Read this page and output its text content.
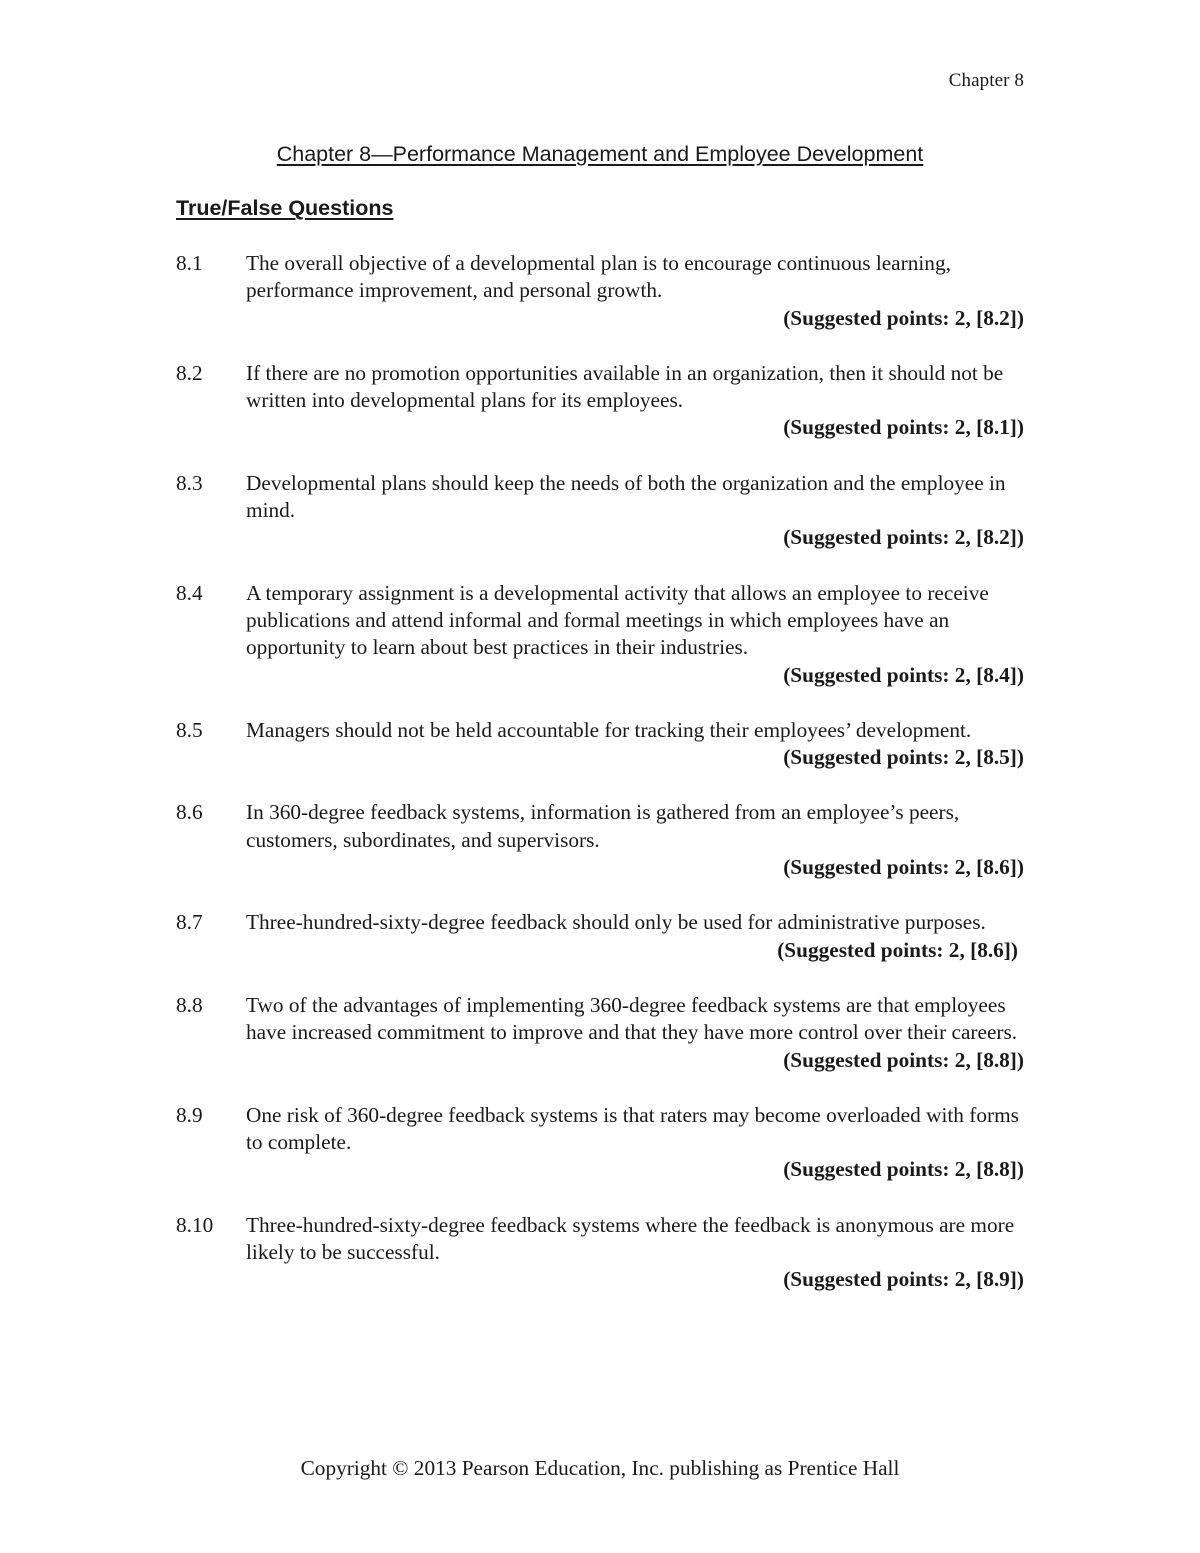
Chapter 8
Chapter 8—Performance Management and Employee Development
True/False Questions
8.1	The overall objective of a developmental plan is to encourage continuous learning, performance improvement, and personal growth.
(Suggested points: 2, [8.2])
8.2	If there are no promotion opportunities available in an organization, then it should not be written into developmental plans for its employees.
(Suggested points: 2, [8.1])
8.3	Developmental plans should keep the needs of both the organization and the employee in mind.
(Suggested points: 2, [8.2])
8.4	A temporary assignment is a developmental activity that allows an employee to receive publications and attend informal and formal meetings in which employees have an opportunity to learn about best practices in their industries.
(Suggested points: 2, [8.4])
8.5	Managers should not be held accountable for tracking their employees’ development.
(Suggested points: 2, [8.5])
8.6	In 360-degree feedback systems, information is gathered from an employee’s peers, customers, subordinates, and supervisors.
(Suggested points: 2, [8.6])
8.7	Three-hundred-sixty-degree feedback should only be used for administrative purposes.
(Suggested points: 2, [8.6])
8.8	Two of the advantages of implementing 360-degree feedback systems are that employees have increased commitment to improve and that they have more control over their careers.
(Suggested points: 2, [8.8])
8.9	One risk of 360-degree feedback systems is that raters may become overloaded with forms to complete.
(Suggested points: 2, [8.8])
8.10	Three-hundred-sixty-degree feedback systems where the feedback is anonymous are more likely to be successful.
(Suggested points: 2, [8.9])
Copyright © 2013 Pearson Education, Inc. publishing as Prentice Hall
